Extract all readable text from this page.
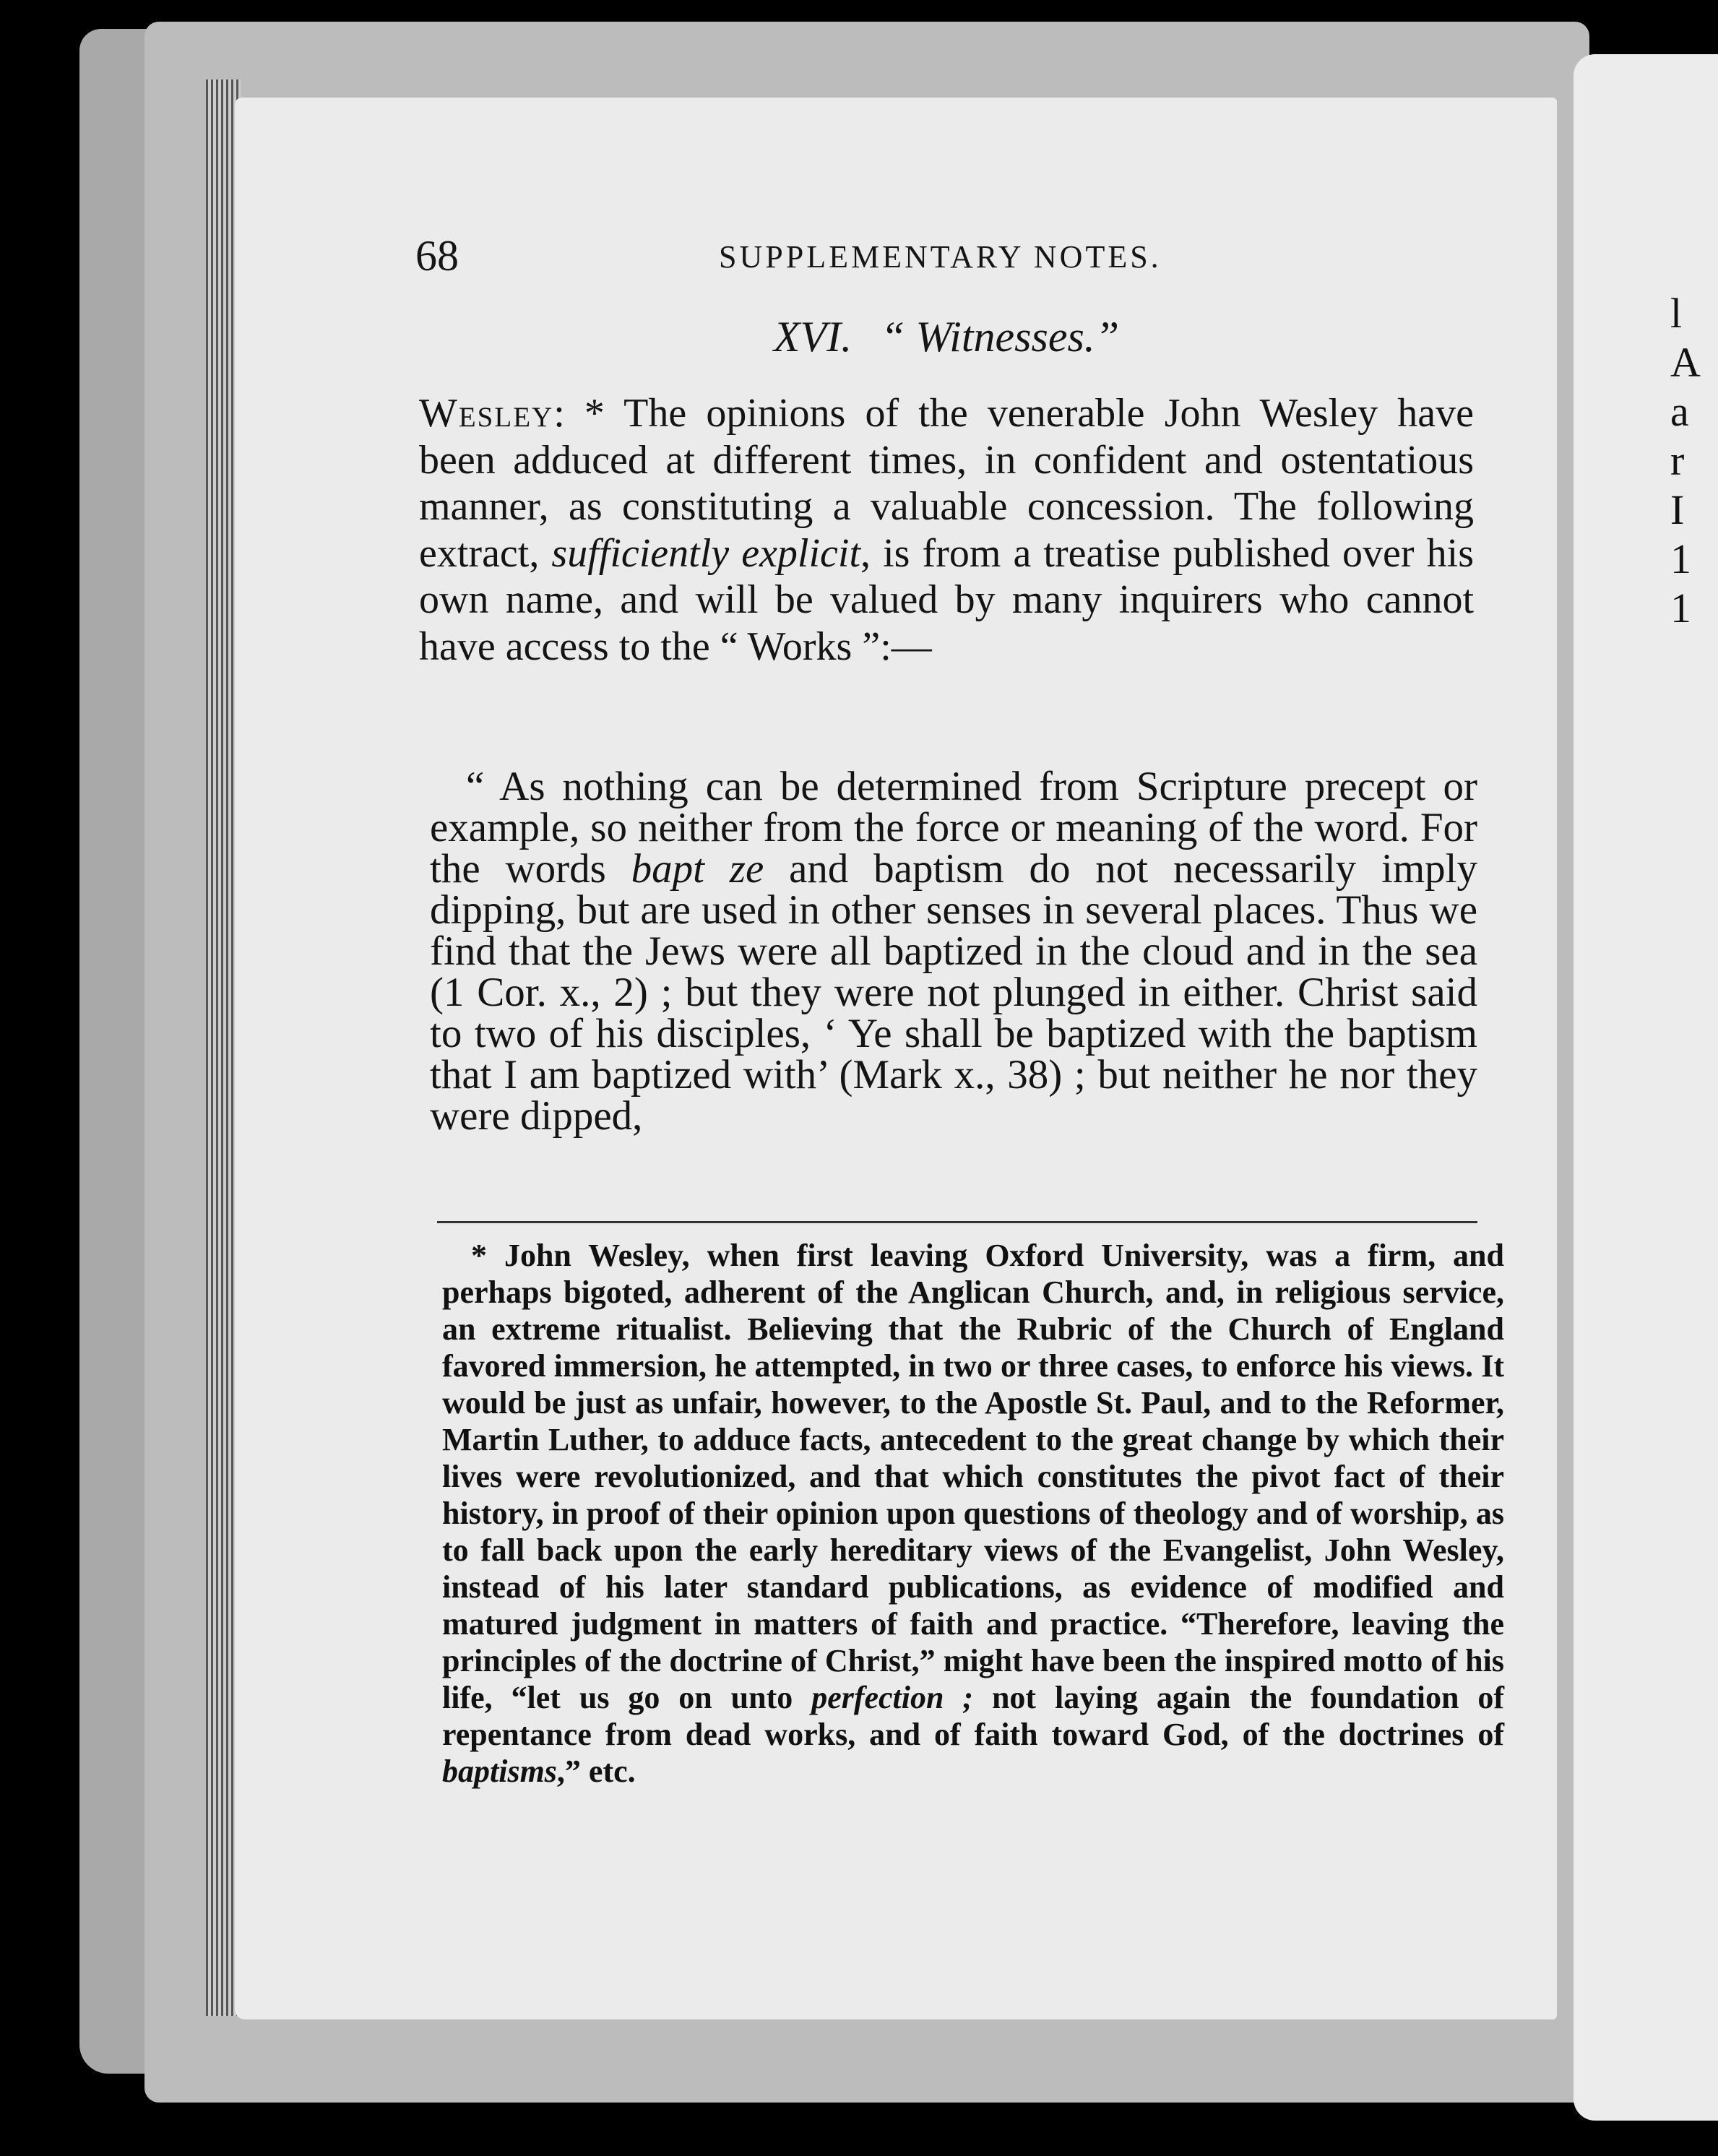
l
A
a
r
I
1
1
68	SUPPLEMENTARY NOTES.
XVI. “ Witnesses.”

Wesley: * The opinions of the venerable John Wesley have been adduced at different times, in confident and ostentatious manner, as constituting a valuable concession. The following extract, sufficiently explicit, is from a treatise published over his own name, and will be valued by many inquirers who cannot have access to the “ Works ”:—

“ As nothing can be determined from Scripture precept or example, so neither from the force or meaning of the word. For the words bapt ze and baptism do not necessarily imply dipping, but are used in other senses in several places. Thus we find that the Jews were all baptized in the cloud and in the sea (1 Cor. x., 2) ; but they were not plunged in either. Christ said to two of his disciples, ‘ Ye shall be baptized with the baptism that I am baptized with’ (Mark x., 38) ; but neither he nor they were dipped,

* John Wesley, when first leaving Oxford University, was a firm, and perhaps bigoted, adherent of the Anglican Church, and, in religious service, an extreme ritualist. Believing that the Rubric of the Church of England favored immersion, he attempted, in two or three cases, to enforce his views. It would be just as unfair, however, to the Apostle St. Paul, and to the Reformer, Martin Luther, to adduce facts, antecedent to the great change by which their lives were revolutionized, and that which constitutes the pivot fact of their history, in proof of their opinion upon questions of theology and of worship, as to fall back upon the early hereditary views of the Evangelist, John Wesley, instead of his later standard publications, as evidence of modified and matured judgment in matters of faith and practice. “Therefore, leaving the principles of the doctrine of Christ,” might have been the inspired motto of his life, “let us go on unto perfection ; not laying again the foundation of repentance from dead works, and of faith toward God, of the doctrines of baptisms,” etc.
